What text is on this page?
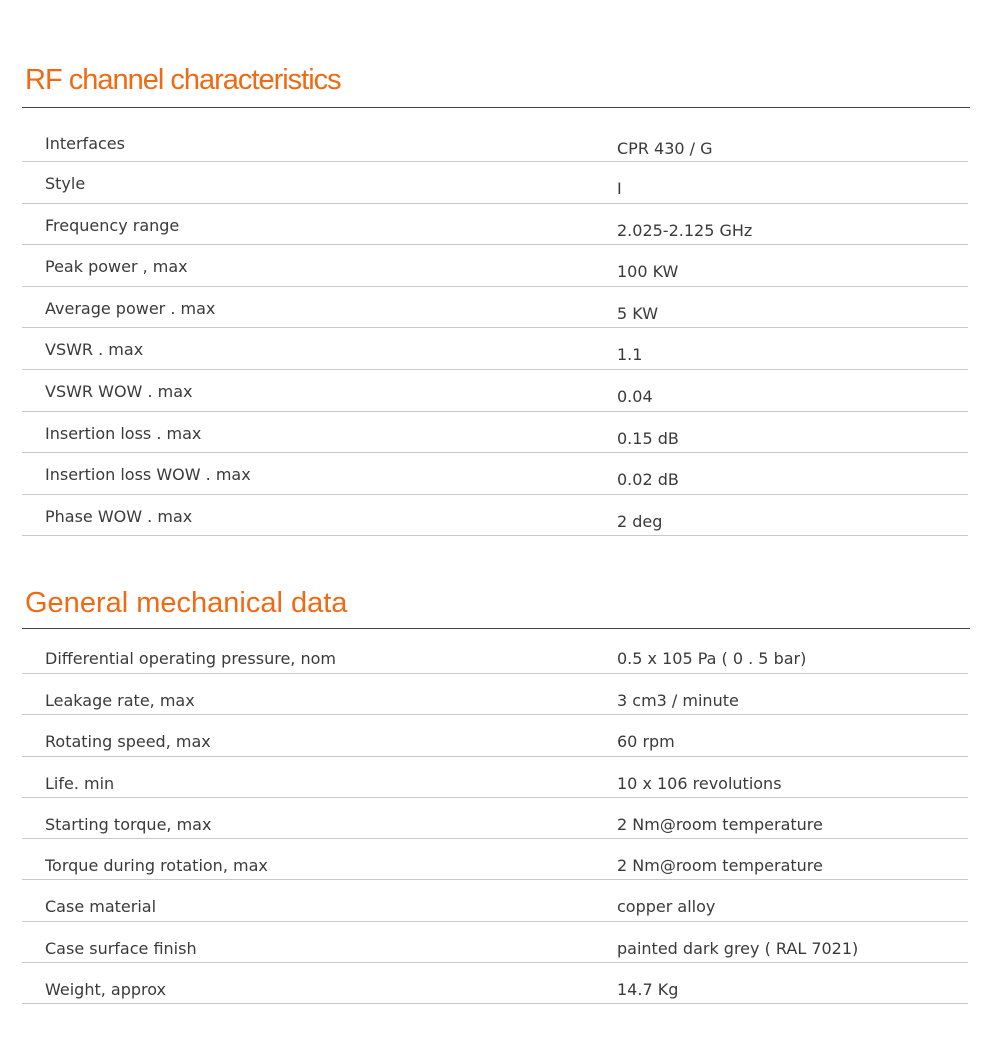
RF channel characteristics
Interfaces	CPR 430 / G
Style	I
Frequency range	2.025-2.125 GHz
Peak power , max	100 KW
Average power . max	5 KW
VSWR . max	1.1
VSWR WOW . max	0.04
Insertion loss . max	0.15 dB
Insertion loss WOW . max	0.02 dB
Phase WOW . max	2 deg
General mechanical data
Differential operating pressure, nom	0.5 x 105 Pa ( 0 . 5 bar)
Leakage rate, max	3 cm3 / minute
Rotating speed, max	60 rpm
Life. min	10 x 106 revolutions
Starting torque, max	2 Nm@room temperature
Torque during rotation, max	2 Nm@room temperature
Case material	copper alloy
Case surface finish	painted dark grey ( RAL 7021)
Weight, approx	14.7 Kg
